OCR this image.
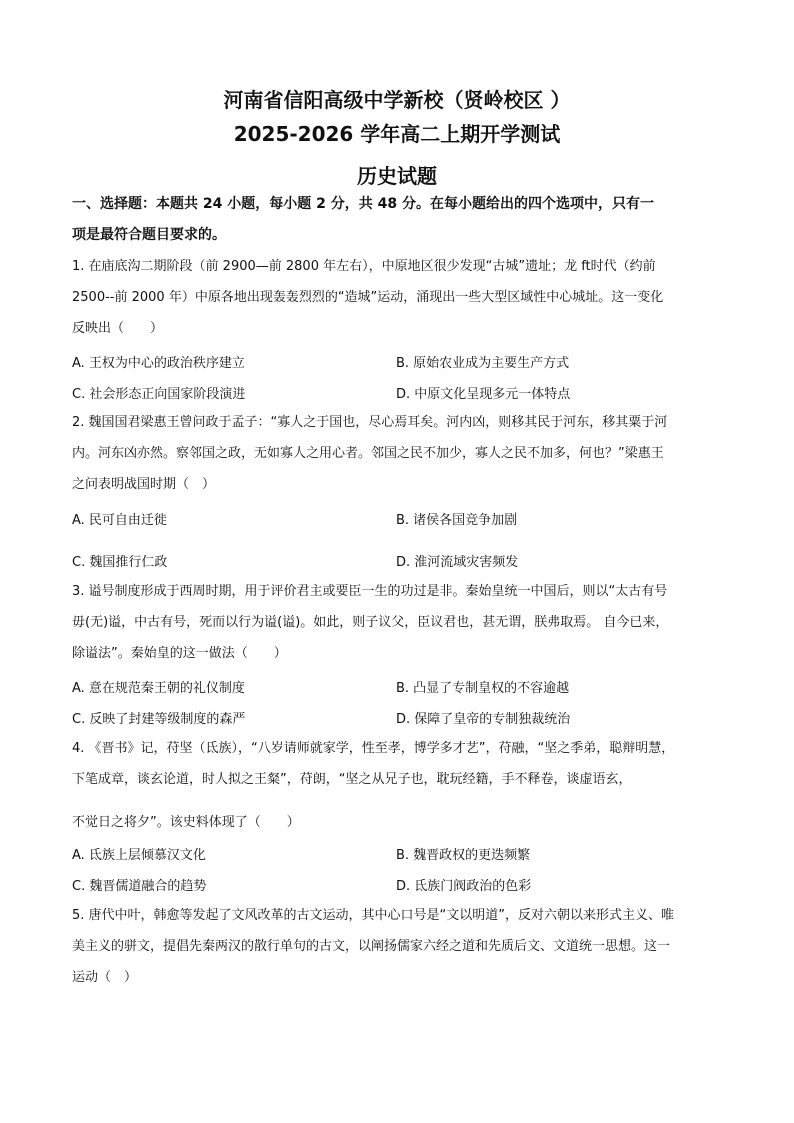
河南省信阳高级中学新校（贤岭校区 ）
2025-2026 学年高二上期开学测试
历史试题
一、选择题：本题共 24 小题，每小题 2 分，共 48 分。在每小题给出的四个选项中，只有一
项是最符合题目要求的。
1. 在庙底沟二期阶段（前 2900—前 2800 年左右），中原地区很少发现“古城”遗址；龙 ft时代（约前
2500--前 2000 年）中原各地出现轰轰烈烈的“造城”运动，涌现出一些大型区域性中心城址。这一变化
反映出（　　）
A. 王权为中心的政治秩序建立	B. 原始农业成为主要生产方式
C. 社会形态正向国家阶段演进	D. 中原文化呈现多元一体特点
2. 魏国国君梁惠王曾问政于孟子：“寡人之于国也，尽心焉耳矣。河内凶，则移其民于河东，移其粟于河
内。河东凶亦然。察邻国之政，无如寡人之用心者。邻国之民不加少，寡人之民不加多，何也？”梁惠王
之问表明战国时期（　）
A. 民可自由迁徙	B. 诸侯各国竞争加剧
C. 魏国推行仁政	D. 淮河流域灾害频发
3. 谥号制度形成于西周时期，用于评价君主或要臣一生的功过是非。秦始皇统一中国后，则以“太古有号
毋(无)谥，中古有号，死而以行为谥(谥)。如此，则子议父，臣议君也，甚无谓，朕弗取焉。 自今已来，
除谥法”。秦始皇的这一做法（　　）
A. 意在规范秦王朝的礼仪制度	B. 凸显了专制皇权的不容逾越
C. 反映了封建等级制度的森严	D. 保障了皇帝的专制独裁统治
4. 《晋书》记，苻坚（氐族），“八岁请师就家学，性至孝，博学多才艺”，苻融，“坚之季弟，聪辩明慧，
下笔成章，谈玄论道，时人拟之王粲”，苻朗，“坚之从兄子也，耽玩经籍，手不释卷，谈虚语玄，
不觉日之将夕”。该史料体现了（　　）
A. 氐族上层倾慕汉文化	B. 魏晋政权的更迭频繁
C. 魏晋儒道融合的趋势	D. 氐族门阀政治的色彩
5. 唐代中叶，韩愈等发起了文风改革的古文运动，其中心口号是“文以明道”，反对六朝以来形式主义、唯
美主义的骈文，提倡先秦两汉的散行单句的古文，以阐扬儒家六经之道和先质后文、文道统一思想。这一
运动（　）
